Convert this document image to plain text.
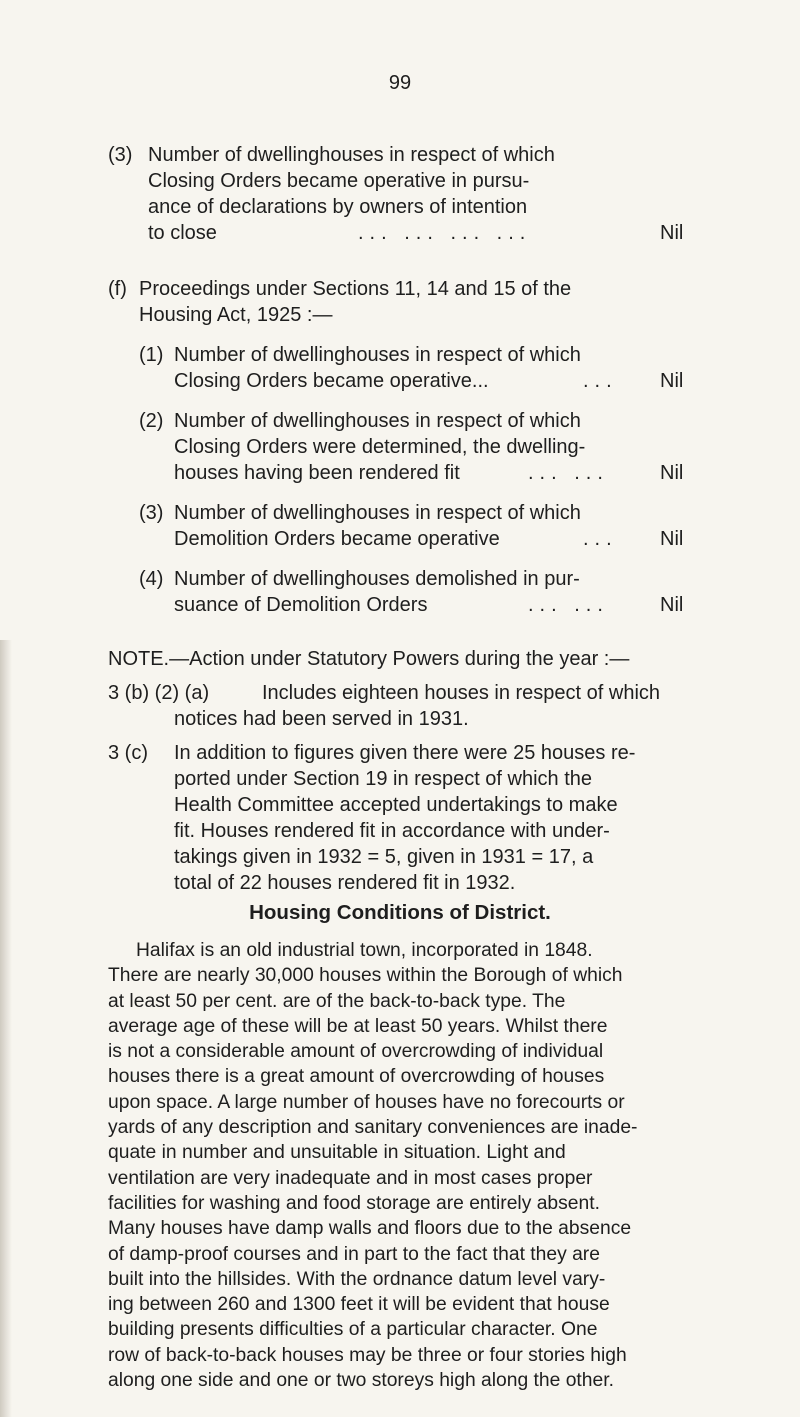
99
(3) Number of dwellinghouses in respect of which
Closing Orders became operative in pursu-
ance of declarations by owners of intention
to close	... ... ... ...	Nil
(f) Proceedings under Sections 11, 14 and 15 of the
Housing Act, 1925 :—
(1) Number of dwellinghouses in respect of which
Closing Orders became operative...	... Nil
(2) Number of dwellinghouses in respect of which
Closing Orders were determined, the dwelling-
houses having been rendered fit	... ...	Nil
(3) Number of dwellinghouses in respect of which
Demolition Orders became operative	... Nil
(4) Number of dwellinghouses demolished in pur-
suance of Demolition Orders	... ...	Nil
NOTE.—Action under Statutory Powers during the year :—
3 (b) (2) (a)	Includes eighteen houses in respect of which
notices had been served in 1931.
3 (c) In addition to figures given there were 25 houses re-
ported under Section 19 in respect of which the
Health Committee accepted undertakings to make
fit. Houses rendered fit in accordance with under-
takings given in 1932 = 5, given in 1931 = 17, a
total of 22 houses rendered fit in 1932.
Housing Conditions of District.
Halifax is an old industrial town, incorporated in 1848.
There are nearly 30,000 houses within the Borough of which
at least 50 per cent. are of the back-to-back type. The
average age of these will be at least 50 years. Whilst there
is not a considerable amount of overcrowding of individual
houses there is a great amount of overcrowding of houses
upon space. A large number of houses have no forecourts or
yards of any description and sanitary conveniences are inade-
quate in number and unsuitable in situation. Light and
ventilation are very inadequate and in most cases proper
facilities for washing and food storage are entirely absent.
Many houses have damp walls and floors due to the absence
of damp-proof courses and in part to the fact that they are
built into the hillsides. With the ordnance datum level vary-
ing between 260 and 1300 feet it will be evident that house
building presents difficulties of a particular character. One
row of back-to-back houses may be three or four stories high
along one side and one or two storeys high along the other.
